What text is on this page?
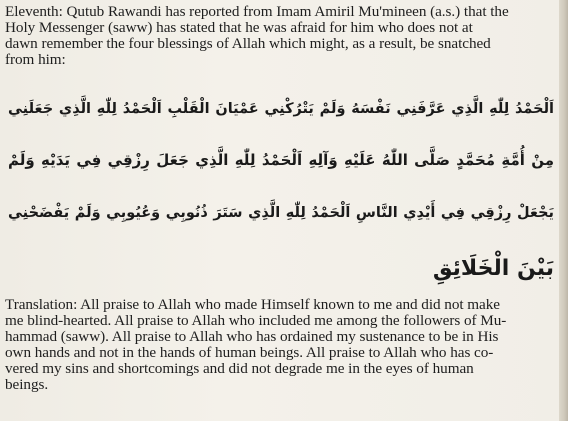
Eleventh: Qutub Rawandi has reported from Imam Amiril Mu'mineen (a.s.) that the
Holy Messenger (saww) has stated that he was afraid for him who does not at
dawn remember the four blessings of Allah which might, as a result, be snatched
from him:
اَلْحَمْدُ لِلّٰهِ الَّذِي عَرَّفَنِي نَفْسَهُ وَلَمْ يَتْرُكْنِي عَمْيَانَ الْقَلْبِ اَلْحَمْدُ لِلّٰهِ الَّذِي جَعَلَنِي
مِنْ أُمَّةِ مُحَمَّدٍ صَلَّى اللّٰهُ عَلَيْهِ وَآلِهِ اَلْحَمْدُ لِلّٰهِ الَّذِي جَعَلَ رِزْقِي فِي يَدَيْهِ وَلَمْ
يَجْعَلْ رِزْقِي فِي أَيْدِي النَّاسِ اَلْحَمْدُ لِلّٰهِ الَّذِي سَتَرَ ذُنُوبِي وَعُيُوبِي وَلَمْ يَفْضَحْنِي
بَيْنَ الْخَلَائِقِ
Translation: All praise to Allah who made Himself known to me and did not make
me blind-hearted. All praise to Allah who included me among the followers of Mu-
hammad (saww). All praise to Allah who has ordained my sustenance to be in His
own hands and not in the hands of human beings. All praise to Allah who has co-
vered my sins and shortcomings and did not degrade me in the eyes of human
beings.
